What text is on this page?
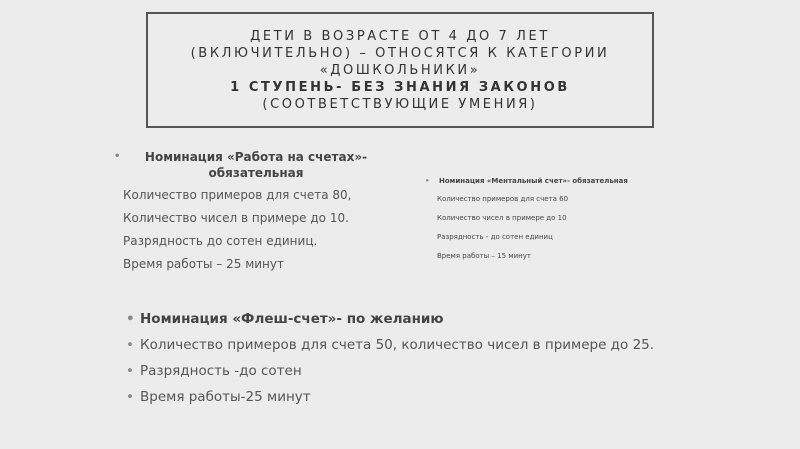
ДЕТИ В ВОЗРАСТЕ ОТ 4 ДО 7 ЛЕТ
(ВКЛЮЧИТЕЛЬНО) – ОТНОСЯТСЯ К КАТЕГОРИИ
«ДОШКОЛЬНИКИ»
1 СТУПЕНЬ- БЕЗ ЗНАНИЯ ЗАКОНОВ
(СООТВЕТСТВУЮЩИЕ УМЕНИЯ)

• Номинация «Работа на счетах»- обязательная

Количество примеров для счета 80,

Количество чисел в примере до 10.

Разрядность до сотен единиц.

Время работы – 25 минут

• Номинация «Ментальный счет»- обязательная

Количество примеров для счета 60

Количество чисел в примере до 10

Разрядность - до сотен единиц

Время работы – 15 минут

• Номинация «Флеш-счет»- по желанию

• Количество примеров для счета 50, количество чисел в примере до 25.

• Разрядность -до сотен

• Время работы-25 минут
